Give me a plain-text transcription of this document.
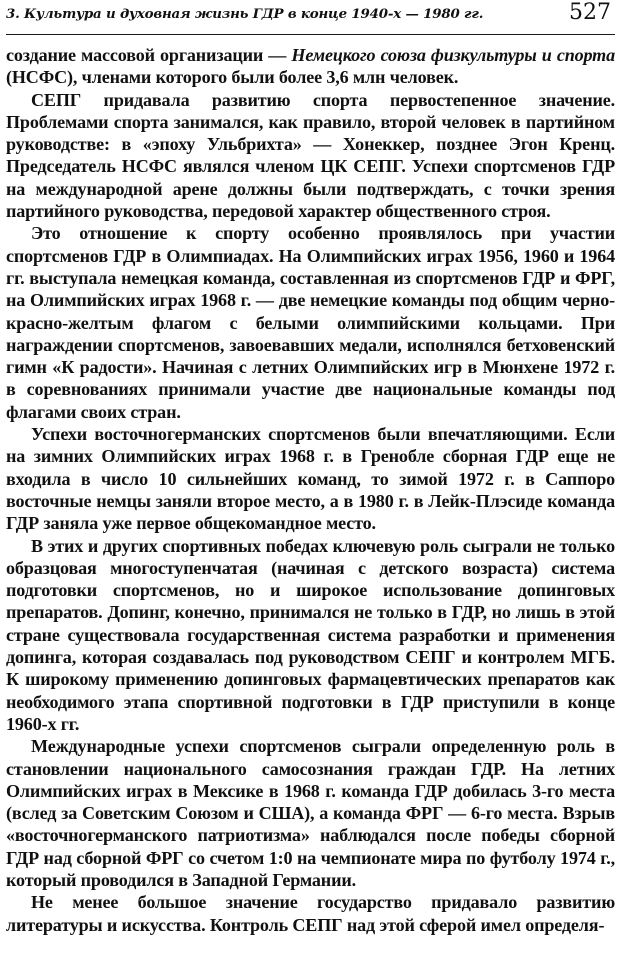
3. Культура и духовная жизнь ГДР в конце 1940-х — 1980 гг.	527

создание массовой организации — Немецкого союза физкультуры и спорта (НСФС), членами которого были более 3,6 млн человек.

СЕПГ придавала развитию спорта первостепенное значение. Проблемами спорта занимался, как правило, второй человек в партийном руководстве: в «эпоху Ульбрихта» — Хонеккер, позднее Эгон Кренц. Председатель НСФС являлся членом ЦК СЕПГ. Успехи спортсменов ГДР на международной арене должны были подтверждать, с точки зрения партийного руководства, передовой характер общественного строя.

Это отношение к спорту особенно проявлялось при участии спортсменов ГДР в Олимпиадах. На Олимпийских играх 1956, 1960 и 1964 гг. выступала немецкая команда, составленная из спортсменов ГДР и ФРГ, на Олимпийских играх 1968 г. — две немецкие команды под общим черно-красно-желтым флагом с белыми олимпийскими кольцами. При награждении спортсменов, завоевавших медали, исполнялся бетховенский гимн «К радости». Начиная с летних Олимпийских игр в Мюнхене 1972 г. в соревнованиях принимали участие две национальные команды под флагами своих стран.

Успехи восточногерманских спортсменов были впечатляющими. Если на зимних Олимпийских играх 1968 г. в Гренобле сборная ГДР еще не входила в число 10 сильнейших команд, то зимой 1972 г. в Саппоро восточные немцы заняли второе место, а в 1980 г. в Лейк-Плэсиде команда ГДР заняла уже первое общекомандное место.

В этих и других спортивных победах ключевую роль сыграли не только образцовая многоступенчатая (начиная с детского возраста) система подготовки спортсменов, но и широкое использование допинговых препаратов. Допинг, конечно, принимался не только в ГДР, но лишь в этой стране существовала государственная система разработки и применения допинга, которая создавалась под руководством СЕПГ и контролем МГБ. К широкому применению допинговых фармацевтических препаратов как необходимого этапа спортивной подготовки в ГДР приступили в конце 1960-х гг.

Международные успехи спортсменов сыграли определенную роль в становлении национального самосознания граждан ГДР. На летних Олимпийских играх в Мексике в 1968 г. команда ГДР добилась 3-го места (вслед за Советским Союзом и США), а команда ФРГ — 6-го места. Взрыв «восточногерманского патриотизма» наблюдался после победы сборной ГДР над сборной ФРГ со счетом 1:0 на чемпионате мира по футболу 1974 г., который проводился в Западной Германии.

Не менее большое значение государство придавало развитию литературы и искусства. Контроль СЕПГ над этой сферой имел определя-
